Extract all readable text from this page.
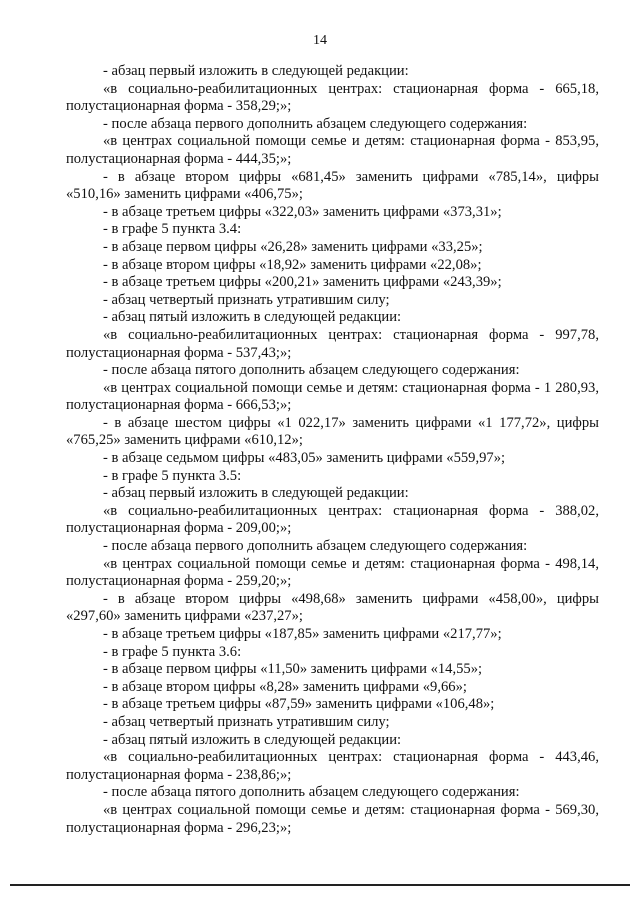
14

- абзац первый изложить в следующей редакции:

«в социально-реабилитационных центрах: стационарная форма - 665,18, полустационарная форма - 358,29;»;

- после абзаца первого дополнить абзацем следующего содержания:

«в центрах социальной помощи семье и детям: стационарная форма - 853,95, полустационарная форма - 444,35;»;

- в абзаце втором цифры «681,45» заменить цифрами «785,14», цифры «510,16» заменить цифрами «406,75»;

- в абзаце третьем цифры «322,03» заменить цифрами «373,31»;

- в графе 5 пункта 3.4:

- в абзаце первом цифры «26,28» заменить цифрами «33,25»;

- в абзаце втором цифры «18,92» заменить цифрами «22,08»;

- в абзаце третьем цифры «200,21» заменить цифрами «243,39»;

- абзац четвертый признать утратившим силу;

- абзац пятый изложить в следующей редакции:

«в социально-реабилитационных центрах: стационарная форма - 997,78, полустационарная форма - 537,43;»;

- после абзаца пятого дополнить абзацем следующего содержания:

«в центрах социальной помощи семье и детям: стационарная форма - 1 280,93, полустационарная форма - 666,53;»;

- в абзаце шестом цифры «1 022,17» заменить цифрами «1 177,72», цифры «765,25» заменить цифрами «610,12»;

- в абзаце седьмом цифры «483,05» заменить цифрами «559,97»;

- в графе 5 пункта 3.5:

- абзац первый изложить в следующей редакции:

«в социально-реабилитационных центрах: стационарная форма - 388,02, полустационарная форма - 209,00;»;

- после абзаца первого дополнить абзацем следующего содержания:

«в центрах социальной помощи семье и детям: стационарная форма - 498,14, полустационарная форма - 259,20;»;

- в абзаце втором цифры «498,68» заменить цифрами «458,00», цифры «297,60» заменить цифрами «237,27»;

- в абзаце третьем цифры «187,85» заменить цифрами «217,77»;

- в графе 5 пункта 3.6:

- в абзаце первом цифры «11,50» заменить цифрами «14,55»;

- в абзаце втором цифры «8,28» заменить цифрами «9,66»;

- в абзаце третьем цифры «87,59» заменить цифрами «106,48»;

- абзац четвертый признать утратившим силу;

- абзац пятый изложить в следующей редакции:

«в социально-реабилитационных центрах: стационарная форма - 443,46, полустационарная форма - 238,86;»;

- после абзаца пятого дополнить абзацем следующего содержания:

«в центрах социальной помощи семье и детям: стационарная форма - 569,30, полустационарная форма - 296,23;»;
